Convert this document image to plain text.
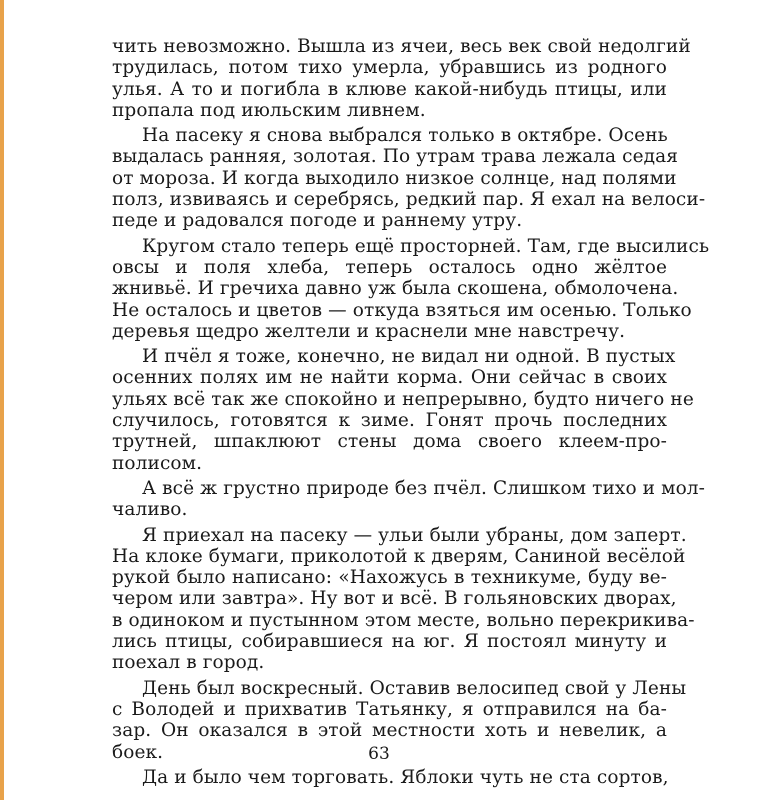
чить невозможно. Вышла из ячеи, весь век свой недолгий
трудилась, потом тихо умерла, убравшись из родного
улья. А то и погибла в клюве какой-нибудь птицы, или
пропала под июльским ливнем.
На пасеку я снова выбрался только в октябре. Осень
выдалась ранняя, золотая. По утрам трава лежала седая
от мороза. И когда выходило низкое солнце, над полями
полз, извиваясь и серебрясь, редкий пар. Я ехал на велоси-
педе и радовался погоде и раннему утру.
Кругом стало теперь ещё просторней. Там, где высились
овсы и поля хлеба, теперь осталось одно жёлтое
жнивьё. И гречиха давно уж была скошена, обмолочена.
Не осталось и цветов — откуда взяться им осенью. Только
деревья щедро желтели и краснели мне навстречу.
И пчёл я тоже, конечно, не видал ни одной. В пустых
осенних полях им не найти корма. Они сейчас в своих
ульях всё так же спокойно и непрерывно, будто ничего не
случилось, готовятся к зиме. Гонят прочь последних
трутней, шпаклюют стены дома своего клеем-про-
полисом.
А всё ж грустно природе без пчёл. Слишком тихо и мол-
чаливо.
Я приехал на пасеку — ульи были убраны, дом заперт.
На клоке бумаги, приколотой к дверям, Саниной весёлой
рукой было написано: «Нахожусь в техникуме, буду ве-
чером или завтра». Ну вот и всё. В гольяновских дворах,
в одиноком и пустынном этом месте, вольно перекрикива-
лись птицы, собиравшиеся на юг. Я постоял минуту и
поехал в город.
День был воскресный. Оставив велосипед свой у Лены
с Володей и прихватив Татьянку, я отправился на ба-
зар. Он оказался в этой местности хоть и невелик, а
боек.
Да и было чем торговать. Яблоки чуть не ста сортов,
63
